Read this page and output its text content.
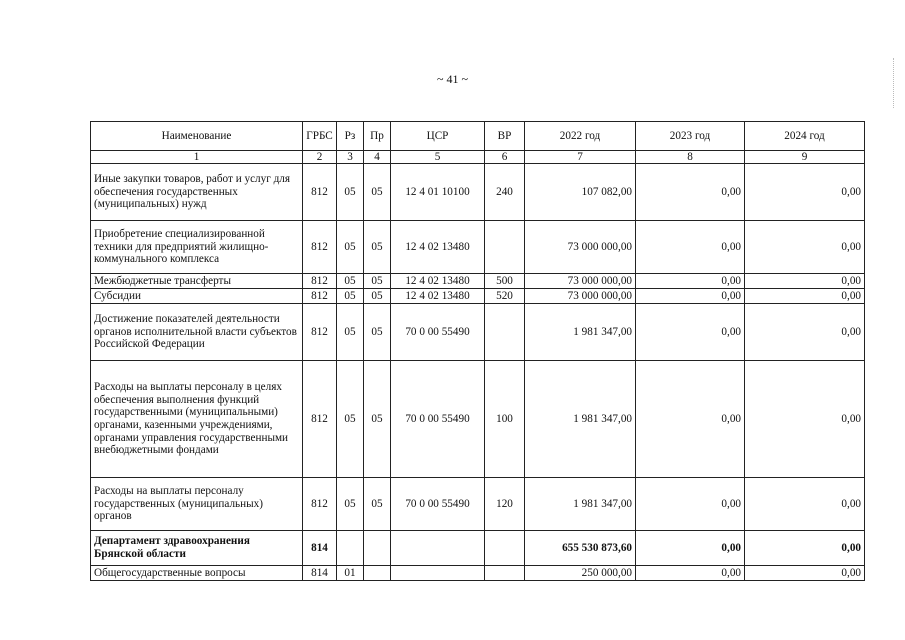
~ 41 ~
Наименование	ГРБС	Рз	Пр	ЦСР	ВР	2022 год	2023 год	2024 год
1	2	3	4	5	6	7	8	9
Иные закупки товаров, работ и услуг для обеспечения государственных (муниципальных) нужд	812	05	05	12 4 01 10100	240	107 082,00	0,00	0,00
Приобретение специализированной техники для предприятий жилищно-коммунального комплекса	812	05	05	12 4 02 13480		73 000 000,00	0,00	0,00
Межбюджетные трансферты	812	05	05	12 4 02 13480	500	73 000 000,00	0,00	0,00
Субсидии	812	05	05	12 4 02 13480	520	73 000 000,00	0,00	0,00
Достижение показателей деятельности органов исполнительной власти субъектов Российской Федерации	812	05	05	70 0 00 55490		1 981 347,00	0,00	0,00
Расходы на выплаты персоналу в целях обеспечения выполнения функций государственными (муниципальными) органами, казенными учреждениями, органами управления государственными внебюджетными фондами	812	05	05	70 0 00 55490	100	1 981 347,00	0,00	0,00
Расходы на выплаты персоналу государственных (муниципальных) органов	812	05	05	70 0 00 55490	120	1 981 347,00	0,00	0,00
Департамент здравоохранения Брянской области	814					655 530 873,60	0,00	0,00
Общегосударственные вопросы	814	01				250 000,00	0,00	0,00
